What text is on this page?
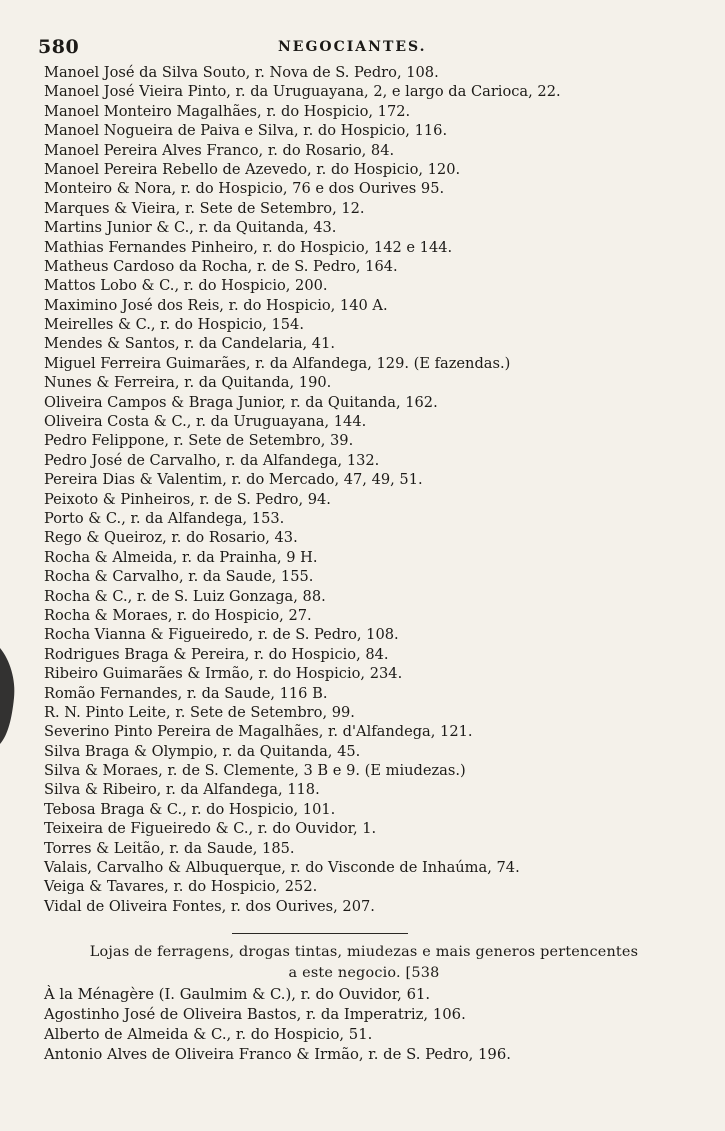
580	NEGOCIANTES.
Manoel José da Silva Souto, r. Nova de S. Pedro, 108.
Manoel José Vieira Pinto, r. da Uruguayana, 2, e largo da Carioca, 22.
Manoel Monteiro Magalhães, r. do Hospicio, 172.
Manoel Nogueira de Paiva e Silva, r. do Hospicio, 116.
Manoel Pereira Alves Franco, r. do Rosario, 84.
Manoel Pereira Rebello de Azevedo, r. do Hospicio, 120.
Monteiro & Nora, r. do Hospicio, 76 e dos Ourives 95.
Marques & Vieira, r. Sete de Setembro, 12.
Martins Junior & C., r. da Quitanda, 43.
Mathias Fernandes Pinheiro, r. do Hospicio, 142 e 144.
Matheus Cardoso da Rocha, r. de S. Pedro, 164.
Mattos Lobo & C., r. do Hospicio, 200.
Maximino José dos Reis, r. do Hospicio, 140 A.
Meirelles & C., r. do Hospicio, 154.
Mendes & Santos, r. da Candelaria, 41.
Miguel Ferreira Guimarães, r. da Alfandega, 129. (E fazendas.)
Nunes & Ferreira, r. da Quitanda, 190.
Oliveira Campos & Braga Junior, r. da Quitanda, 162.
Oliveira Costa & C., r. da Uruguayana, 144.
Pedro Felippone, r. Sete de Setembro, 39.
Pedro José de Carvalho, r. da Alfandega, 132.
Pereira Dias & Valentim, r. do Mercado, 47, 49, 51.
Peixoto & Pinheiros, r. de S. Pedro, 94.
Porto & C., r. da Alfandega, 153.
Rego & Queiroz, r. do Rosario, 43.
Rocha & Almeida, r. da Prainha, 9 H.
Rocha & Carvalho, r. da Saude, 155.
Rocha & C., r. de S. Luiz Gonzaga, 88.
Rocha & Moraes, r. do Hospicio, 27.
Rocha Vianna & Figueiredo, r. de S. Pedro, 108.
Rodrigues Braga & Pereira, r. do Hospicio, 84.
Ribeiro Guimarães & Irmão, r. do Hospicio, 234.
Romão Fernandes, r. da Saude, 116 B.
R. N. Pinto Leite, r. Sete de Setembro, 99.
Severino Pinto Pereira de Magalhães, r. d'Alfandega, 121.
Silva Braga & Olympio, r. da Quitanda, 45.
Silva & Moraes, r. de S. Clemente, 3 B e 9. (E miudezas.)
Silva & Ribeiro, r. da Alfandega, 118.
Tebosa Braga & C., r. do Hospicio, 101.
Teixeira de Figueiredo & C., r. do Ouvidor, 1.
Torres & Leitão, r. da Saude, 185.
Valais, Carvalho & Albuquerque, r. do Visconde de Inhaúma, 74.
Veiga & Tavares, r. do Hospicio, 252.
Vidal de Oliveira Fontes, r. dos Ourives, 207.
Lojas de ferragens, drogas tintas, miudezas e mais generos pertencentes
a este negocio. [538
À la Ménagère (I. Gaulmim & C.), r. do Ouvidor, 61.
Agostinho José de Oliveira Bastos, r. da Imperatriz, 106.
Alberto de Almeida & C., r. do Hospicio, 51.
Antonio Alves de Oliveira Franco & Irmão, r. de S. Pedro, 196.
